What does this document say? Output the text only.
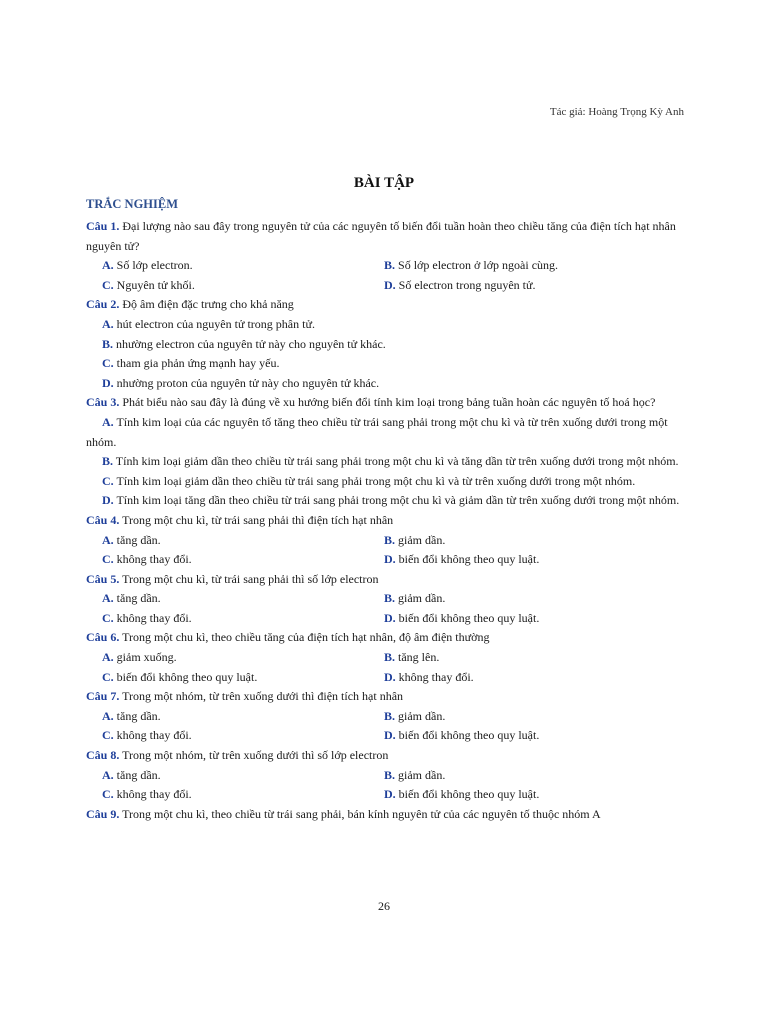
Tác giả: Hoàng Trọng Kỳ Anh
BÀI TẬP
TRẮC NGHIỆM

Câu 1. Đại lượng nào sau đây trong nguyên tử của các nguyên tố biến đổi tuần hoàn theo chiều tăng của điện tích hạt nhân nguyên tử?

A. Số lớp electron.	B. Số lớp electron ở lớp ngoài cùng.
C. Nguyên tử khối.	D. Số electron trong nguyên tử.

Câu 2. Độ âm điện đặc trưng cho khả năng

A. hút electron của nguyên tử trong phân tử.
B. nhường electron của nguyên tử này cho nguyên tử khác.
C. tham gia phản ứng mạnh hay yếu.
D. nhường proton của nguyên tử này cho nguyên tử khác.

Câu 3. Phát biểu nào sau đây là đúng về xu hướng biến đổi tính kim loại trong bảng tuần hoàn các nguyên tố hoá học?

A. Tính kim loại của các nguyên tố tăng theo chiều từ trái sang phải trong một chu kì và từ trên xuống dưới trong một nhóm.

B. Tính kim loại giảm dần theo chiều từ trái sang phải trong một chu kì và tăng dần từ trên xuống dưới trong một nhóm.

C. Tính kim loại giảm dần theo chiều từ trái sang phải trong một chu kì và từ trên xuống dưới trong một nhóm.

D. Tính kim loại tăng dần theo chiều từ trái sang phải trong một chu kì và giảm dần từ trên xuống dưới trong một nhóm.

Câu 4. Trong một chu kì, từ trái sang phải thì điện tích hạt nhân

A. tăng dần.	B. giảm dần.
C. không thay đổi.	D. biến đổi không theo quy luật.

Câu 5. Trong một chu kì, từ trái sang phải thì số lớp electron

A. tăng dần.	B. giảm dần.
C. không thay đổi.	D. biến đổi không theo quy luật.

Câu 6. Trong một chu kì, theo chiều tăng của điện tích hạt nhân, độ âm điện thường

A. giảm xuống.	B. tăng lên.
C. biến đổi không theo quy luật.	D. không thay đổi.

Câu 7. Trong một nhóm, từ trên xuống dưới thì điện tích hạt nhân

A. tăng dần.	B. giảm dần.
C. không thay đổi.	D. biến đổi không theo quy luật.

Câu 8. Trong một nhóm, từ trên xuống dưới thì số lớp electron

A. tăng dần.	B. giảm dần.
C. không thay đổi.	D. biến đổi không theo quy luật.

Câu 9. Trong một chu kì, theo chiều từ trái sang phải, bán kính nguyên tử của các nguyên tố thuộc nhóm A

26
